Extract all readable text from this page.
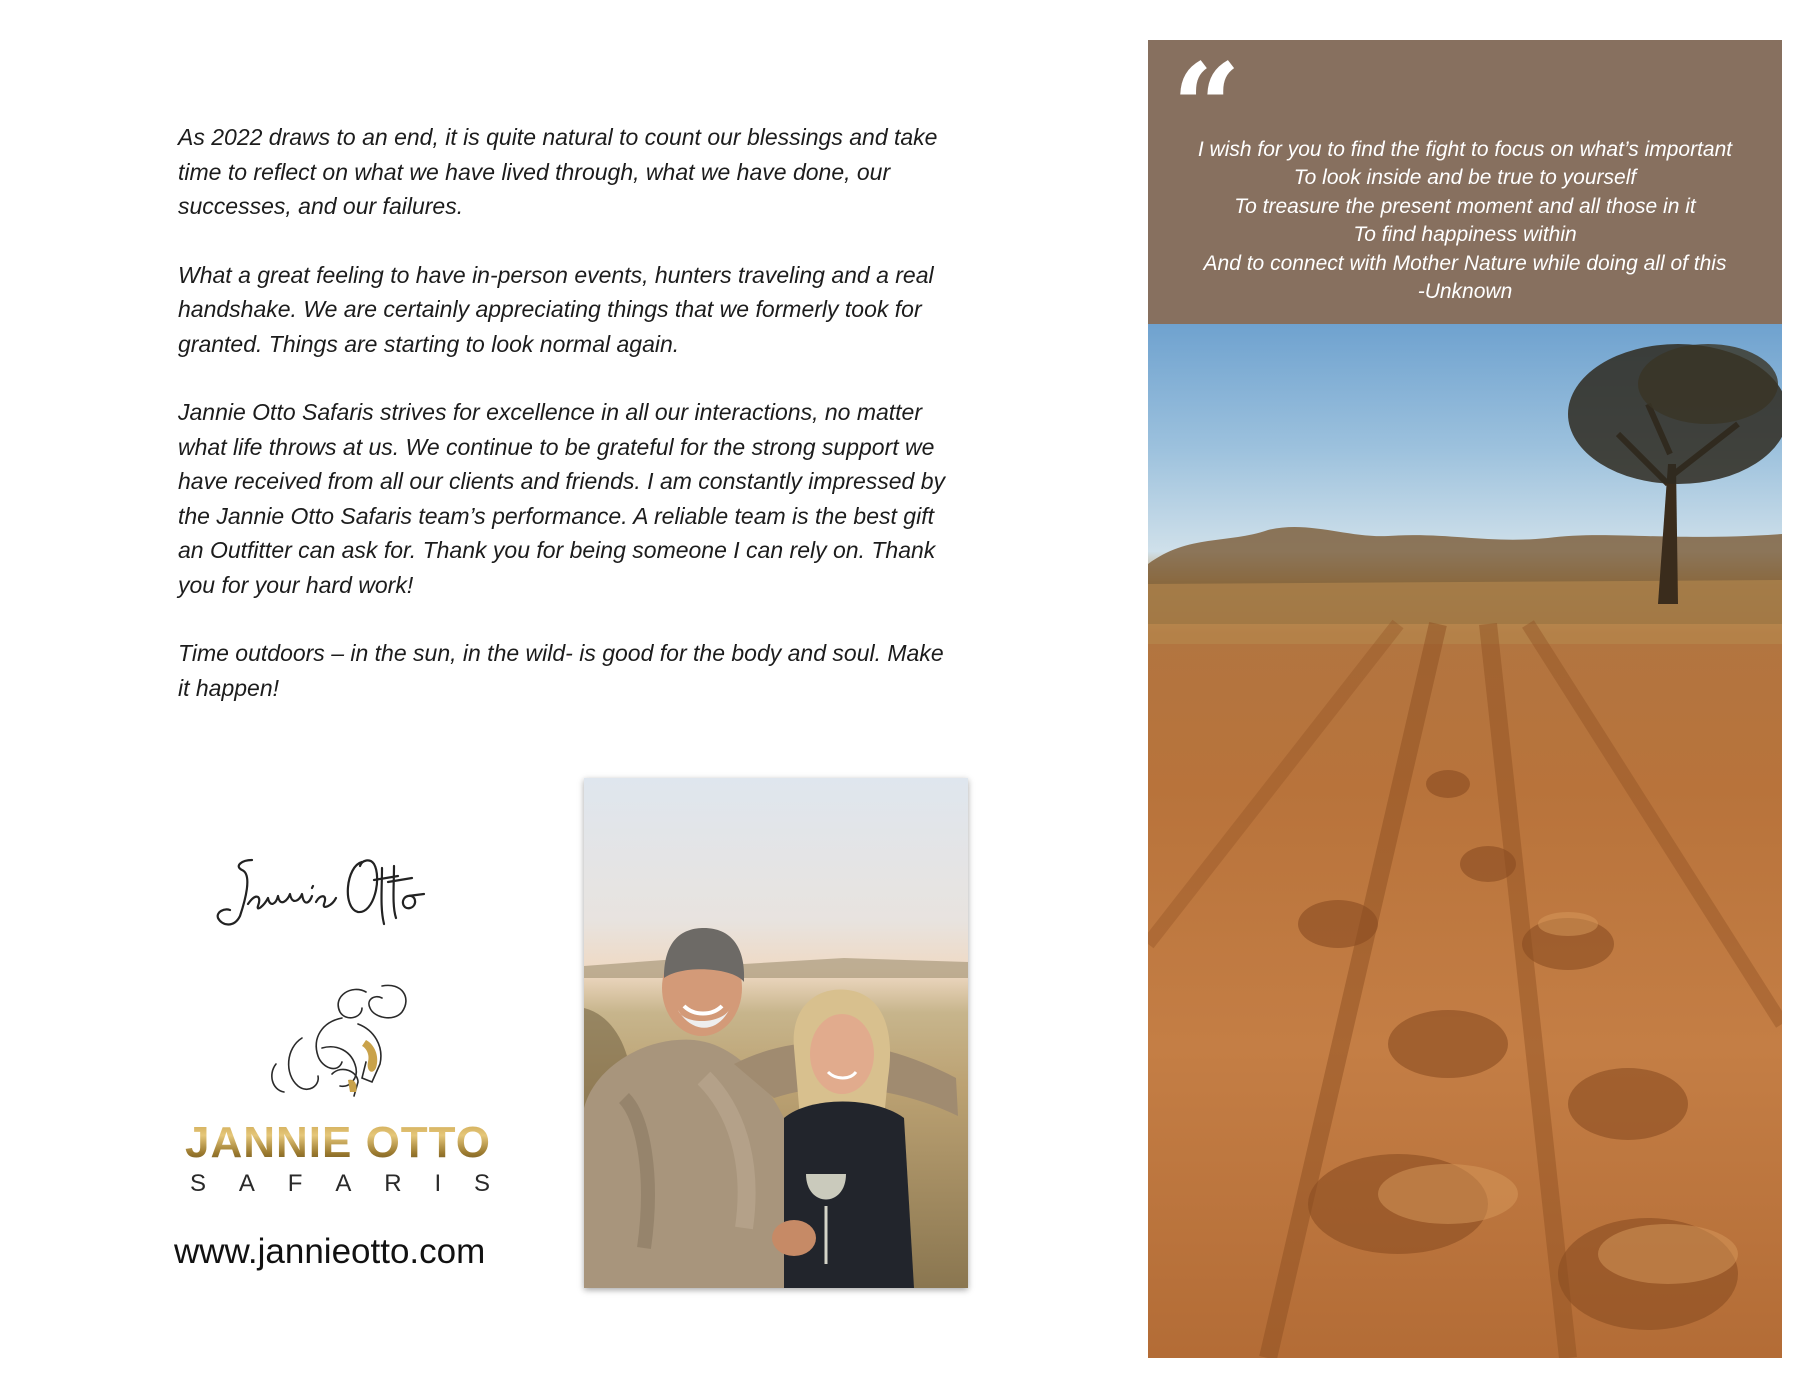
As 2022 draws to an end, it is quite natural to count our blessings and take time to reflect on what we have lived through, what we have done, our successes, and our failures.

What a great feeling to have in-person events, hunters traveling and a real handshake. We are certainly appreciating things that we formerly took for granted. Things are starting to look normal again.

Jannie Otto Safaris strives for excellence in all our interactions, no matter what life throws at us. We continue to be grateful for the strong support we have received from all our clients and friends. I am constantly impressed by the Jannie Otto Safaris team’s performance. A reliable team is the best gift an Outfitter can ask for. Thank you for being someone I can rely on. Thank you for your hard work!

Time outdoors – in the sun, in the wild- is good for the body and soul. Make it happen!

JANNIE OTTO
S A F A R I S
www.jannieotto.com
“
I wish for you to find the fight to focus on what’s important
To look inside and be true to yourself
To treasure the present moment and all those in it
To find happiness within
And to connect with Mother Nature while doing all of this
-Unknown
